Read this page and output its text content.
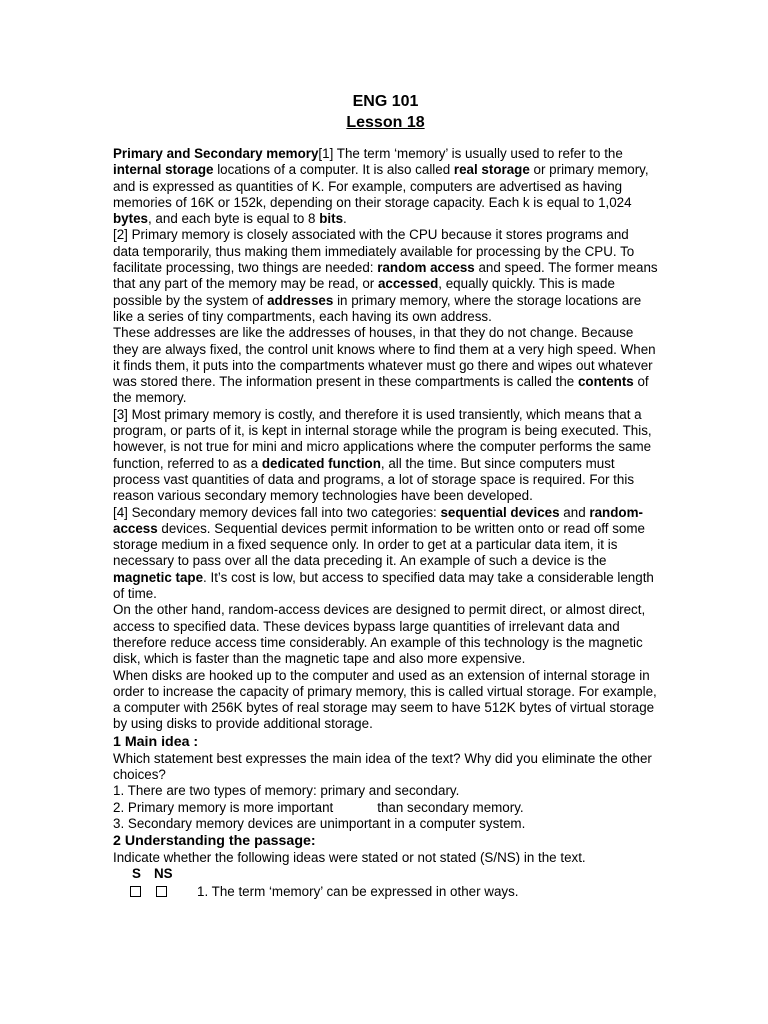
ENG 101
Lesson 18

Primary and Secondary memory[1] The term ‘memory’ is usually used to refer to the internal storage locations of a computer. It is also called real storage or primary memory, and is expressed as quantities of K. For example, computers are advertised as having memories of 16K or 152k, depending on their storage capacity. Each k is equal to 1,024 bytes, and each byte is equal to 8 bits.

[2] Primary memory is closely associated with the CPU because it stores programs and data temporarily, thus making them immediately available for processing by the CPU. To facilitate processing, two things are needed: random access and speed. The former means that any part of the memory may be read, or accessed, equally quickly. This is made possible by the system of addresses in primary memory, where the storage locations are like a series of tiny compartments, each having its own address.

These addresses are like the addresses of houses, in that they do not change. Because they are always fixed, the control unit knows where to find them at a very high speed. When it finds them, it puts into the compartments whatever must go there and wipes out whatever was stored there. The information present in these compartments is called the contents of the memory.

[3] Most primary memory is costly, and therefore it is used transiently, which means that a program, or parts of it, is kept in internal storage while the program is being executed. This, however, is not true for mini and micro applications where the computer performs the same function, referred to as a dedicated function, all the time. But since computers must process vast quantities of data and programs, a lot of storage space is required. For this reason various secondary memory technologies have been developed.

[4] Secondary memory devices fall into two categories: sequential devices and random-access devices. Sequential devices permit information to be written onto or read off some storage medium in a fixed sequence only. In order to get at a particular data item, it is necessary to pass over all the data preceding it. An example of such a device is the magnetic tape. It’s cost is low, but access to specified data may take a considerable length of time.

On the other hand, random-access devices are designed to permit direct, or almost direct, access to specified data. These devices bypass large quantities of irrelevant data and therefore reduce access time considerably. An example of this technology is the magnetic disk, which is faster than the magnetic tape and also more expensive.

When disks are hooked up to the computer and used as an extension of internal storage in order to increase the capacity of primary memory, this is called virtual storage. For example, a computer with 256K bytes of real storage may seem to have 512K bytes of virtual storage by using disks to provide additional storage.

1 Main idea :

Which statement best expresses the main idea of the text? Why did you eliminate the other choices?

1. There are two types of memory: primary and secondary.

2. Primary memory is more important	than secondary memory.

3. Secondary memory devices are unimportant in a computer system.

2 Understanding the passage:

Indicate whether the following ideas were stated or not stated (S/NS) in the text.

S NS
1. The term ‘memory’ can be expressed in other ways.
